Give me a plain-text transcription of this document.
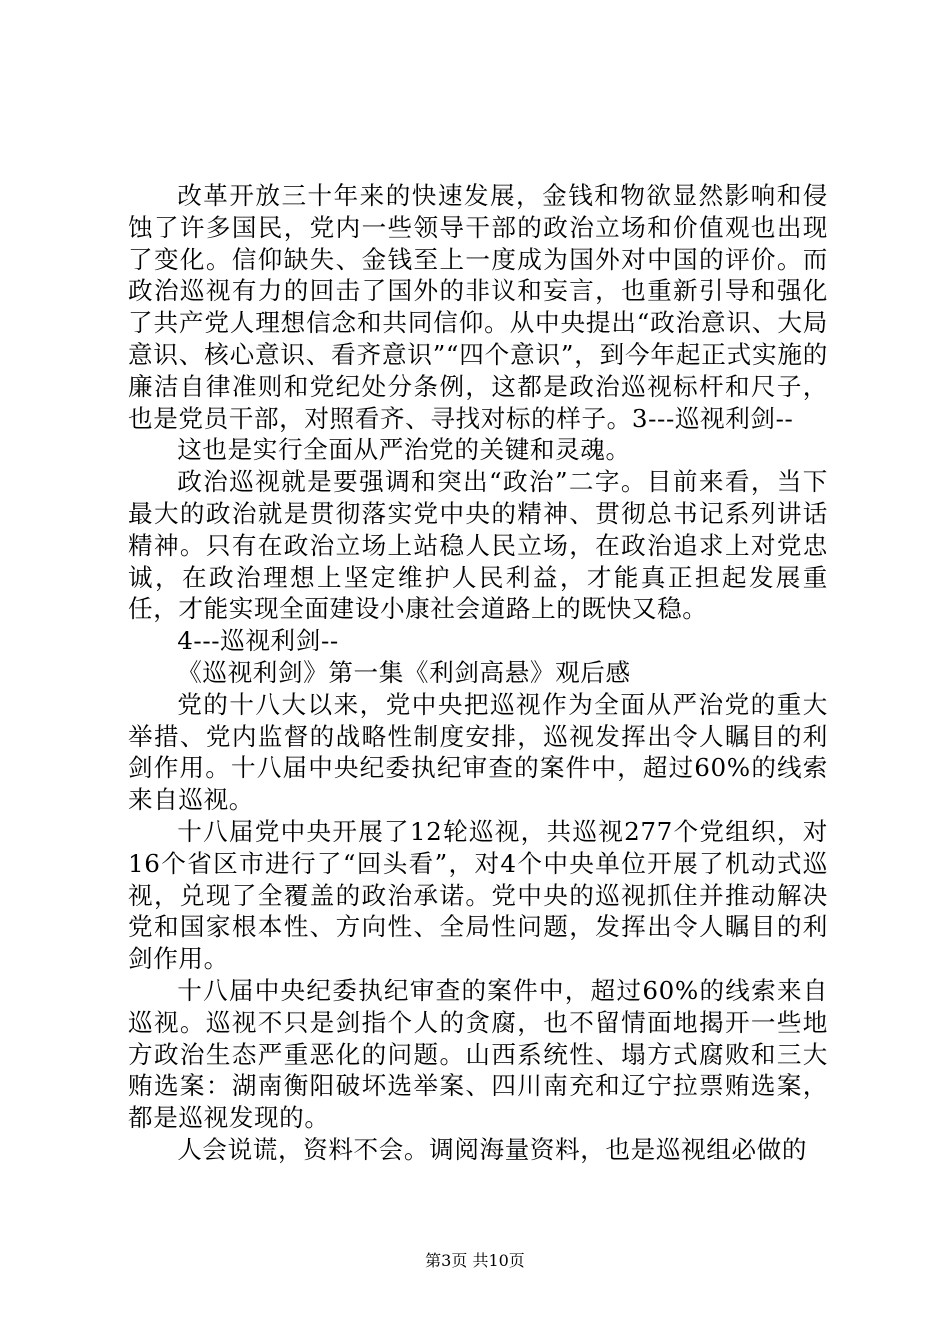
改革开放三十年来的快速发展，金钱和物欲显然影响和侵蚀了许多国民，党内一些领导干部的政治立场和价值观也出现了变化。信仰缺失、金钱至上一度成为国外对中国的评价。而政治巡视有力的回击了国外的非议和妄言，也重新引导和强化了共产党人理想信念和共同信仰。从中央提出“政治意识、大局意识、核心意识、看齐意识”“四个意识”，到今年起正式实施的廉洁自律准则和党纪处分条例，这都是政治巡视标杆和尺子，也是党员干部，对照看齐、寻找对标的样子。3---巡视利剑--

这也是实行全面从严治党的关键和灵魂。

政治巡视就是要强调和突出“政治”二字。目前来看，当下最大的政治就是贯彻落实党中央的精神、贯彻总书记系列讲话精神。只有在政治立场上站稳人民立场，在政治追求上对党忠诚，在政治理想上坚定维护人民利益，才能真正担起发展重任，才能实现全面建设小康社会道路上的既快又稳。

4---巡视利剑--

《巡视利剑》第一集《利剑高悬》观后感

党的十八大以来，党中央把巡视作为全面从严治党的重大举措、党内监督的战略性制度安排，巡视发挥出令人瞩目的利剑作用。十八届中央纪委执纪审查的案件中，超过60%的线索来自巡视。

十八届党中央开展了12轮巡视，共巡视277个党组织，对16个省区市进行了“回头看”，对4个中央单位开展了机动式巡视，兑现了全覆盖的政治承诺。党中央的巡视抓住并推动解决党和国家根本性、方向性、全局性问题，发挥出令人瞩目的利剑作用。

十八届中央纪委执纪审查的案件中，超过60%的线索来自巡视。巡视不只是剑指个人的贪腐，也不留情面地揭开一些地方政治生态严重恶化的问题。山西系统性、塌方式腐败和三大贿选案：湖南衡阳破坏选举案、四川南充和辽宁拉票贿选案，都是巡视发现的。

人会说谎，资料不会。调阅海量资料，也是巡视组必做的

第3页 共10页
